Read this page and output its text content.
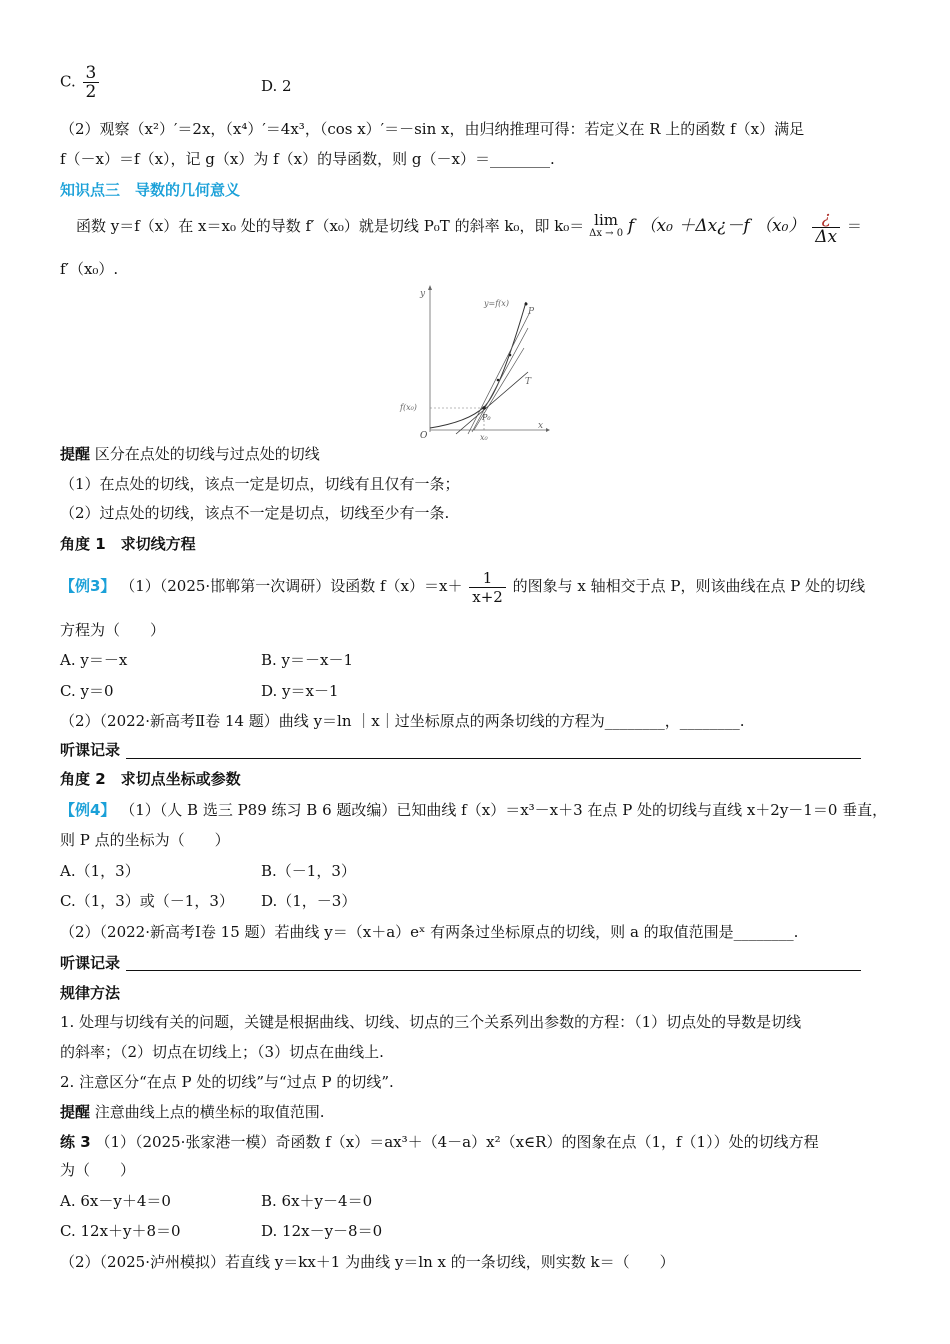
C. $\frac{3}{2}$	D. 2
（2）观察（x²）′＝2x，（x⁴）′＝4x³，（cos x）′＝－sin x，由归纳推理可得：若定义在 R 上的函数 f（x）满足
f（－x）＝f（x），记 g（x）为 f（x）的导函数，则 g（－x）＝________.
知识点三　导数的几何意义
函数 y＝f（x）在 x＝x₀ 处的导数 f′（x₀）就是切线 P₀T 的斜率 k₀，即 k₀＝ lim
Δx → 0 f （x₀ ＋Δx¿－f $(x_0) \frac{¿}{\Delta x}$ ＝
f′（x₀）.
y
x
y=f(x)
P
T
P₀
f(x₀)
x₀
O
提醒 区分在点处的切线与过点处的切线
（1）在点处的切线，该点一定是切点，切线有且仅有一条；
（2）过点处的切线，该点不一定是切点，切线至少有一条.
角度 1　求切线方程
【例3】 （1）（2025·邯郸第一次调研）设函数 $f(x)=x+ \frac{1}{x+2}$ 的图象与 x 轴相交于点 P，则该曲线在点 P 处的切线
方程为（　　）
A. y＝－x	B. y＝－x－1
C. y＝0	D. y＝x－1
（2）（2022·新高考Ⅱ卷 14 题）曲线 y＝ln ｜x｜过坐标原点的两条切线的方程为________，________.
听课记录
角度 2　求切点坐标或参数
【例4】 （1）（人 B 选三 P89 练习 B 6 题改编）已知曲线 f（x）＝x³－x＋3 在点 P 处的切线与直线 x＋2y－1＝0 垂直，
则 P 点的坐标为（　　）
A.（1，3）	B.（－1，3）
C.（1，3）或（－1，3） D.（1，－3）
（2）（2022·新高考Ⅰ卷 15 题）若曲线 y＝（x＋a）eˣ 有两条过坐标原点的切线，则 a 的取值范围是________.
听课记录
规律方法
1. 处理与切线有关的问题，关键是根据曲线、切线、切点的三个关系列出参数的方程：（1）切点处的导数是切线
的斜率；（2）切点在切线上；（3）切点在曲线上.
2. 注意区分“在点 P 处的切线”与“过点 P 的切线”.
提醒 注意曲线上点的横坐标的取值范围.
练 3 （1）（2025·张家港一模）奇函数 f（x）＝ax³＋（4－a）x²（x∈R）的图象在点（1，f（1））处的切线方程
为（　　）
A. 6x－y＋4＝0	B. 6x＋y－4＝0
C. 12x＋y＋8＝0	D. 12x－y－8＝0
（2）（2025·泸州模拟）若直线 y＝kx＋1 为曲线 y＝ln x 的一条切线，则实数 k＝（　　）
